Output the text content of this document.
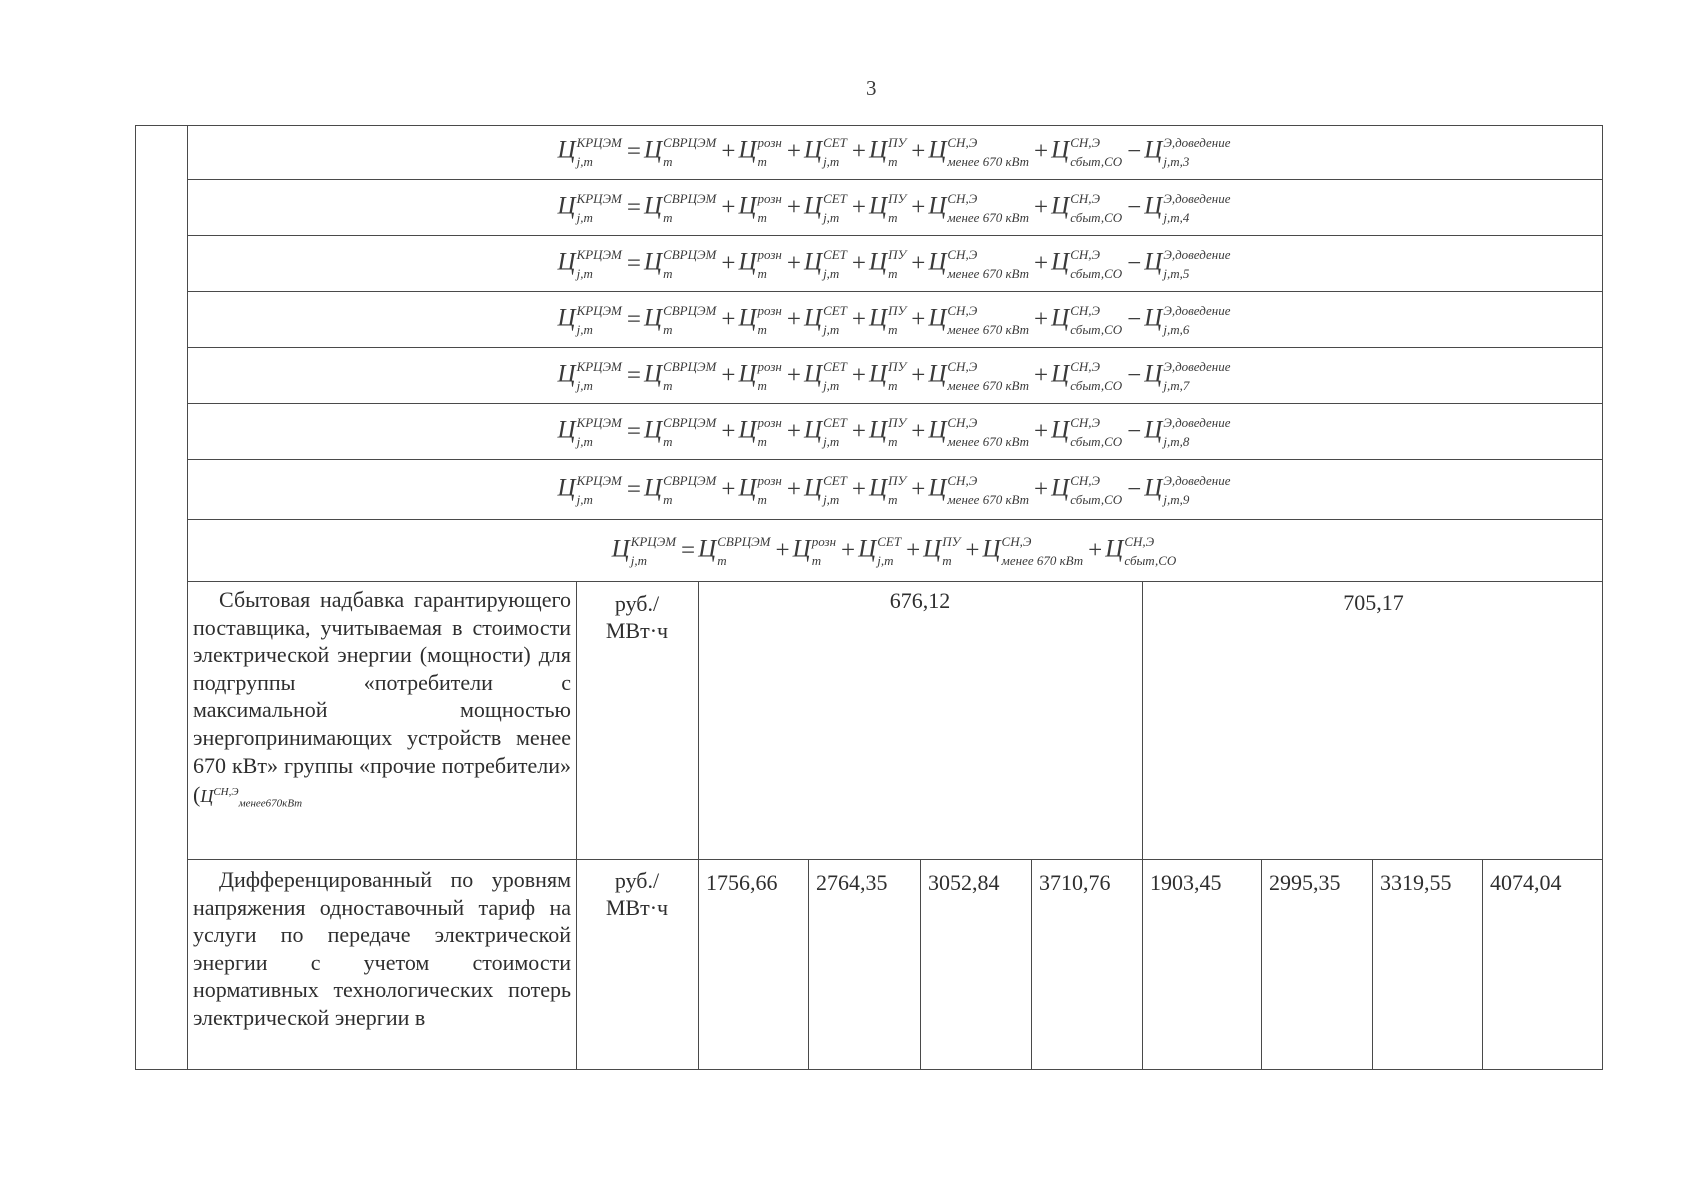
3
Ц КРЦЭМ
j,m	= Ц СВРЦЭМ
m	+ Ц розн
m + Ц СЕТ
j,m + Ц ПУ
m + Ц СН,Э
менее 670 кВт + Ц СН,Э
сбыт,СО − Ц Э,доведение
j,m,3
Ц КРЦЭМ
j,m	= Ц СВРЦЭМ
m	+ Ц розн
m + Ц СЕТ
j,m + Ц ПУ
m + Ц СН,Э
менее 670 кВт + Ц СН,Э
сбыт,СО − Ц Э,доведение
j,m,4
Ц КРЦЭМ
j,m	= Ц СВРЦЭМ
m	+ Ц розн
m + Ц СЕТ
j,m + Ц ПУ
m + Ц СН,Э
менее 670 кВт + Ц СН,Э
сбыт,СО − Ц Э,доведение
j,m,5
Ц КРЦЭМ
j,m	= Ц СВРЦЭМ
m	+ Ц розн
m + Ц СЕТ
j,m + Ц ПУ
m + Ц СН,Э
менее 670 кВт + Ц СН,Э
сбыт,СО − Ц Э,доведение
j,m,6
Ц КРЦЭМ
j,m	= Ц СВРЦЭМ
m	+ Ц розн
m + Ц СЕТ
j,m + Ц ПУ
m + Ц СН,Э
менее 670 кВт + Ц СН,Э
сбыт,СО − Ц Э,доведение
j,m,7
Ц КРЦЭМ
j,m	= Ц СВРЦЭМ
m	+ Ц розн
m + Ц СЕТ
j,m + Ц ПУ
m + Ц СН,Э
менее 670 кВт + Ц СН,Э
сбыт,СО − Ц Э,доведение
j,m,8
Ц КРЦЭМ
j,m	= Ц СВРЦЭМ
m	+ Ц розн
m + Ц СЕТ
j,m + Ц ПУ
m + Ц СН,Э
менее 670 кВт + Ц СН,Э
сбыт,СО − Ц Э,доведение
j,m,9
Ц КРЦЭМ
j,m	= Ц СВРЦЭМ
m	+ Ц розн
m + Ц СЕТ
j,m + Ц ПУ
m + Ц СН,Э
менее 670 кВт + Ц СН,Э
сбыт,СО
Сбытовая надбавка гарантирующего поставщика, учитываемая в стоимости электрической энергии (мощности) для подгруппы «потребители с максимальной мощностью энергопринимающих устройств менее 670 кВт» группы «прочие потребители» ($Ц^{СН,Э}_{менее670кВт}$
руб./
МВт·ч
676,12	705,17
Дифференцированный по уровням напряжения одноставочный тариф на услуги по передаче электрической энергии с учетом стоимости нормативных технологических потерь электрической энергии в
руб./
МВт·ч
1756,66 2764,35 3052,84 3710,76 1903,45 2995,35 3319,55 4074,04
